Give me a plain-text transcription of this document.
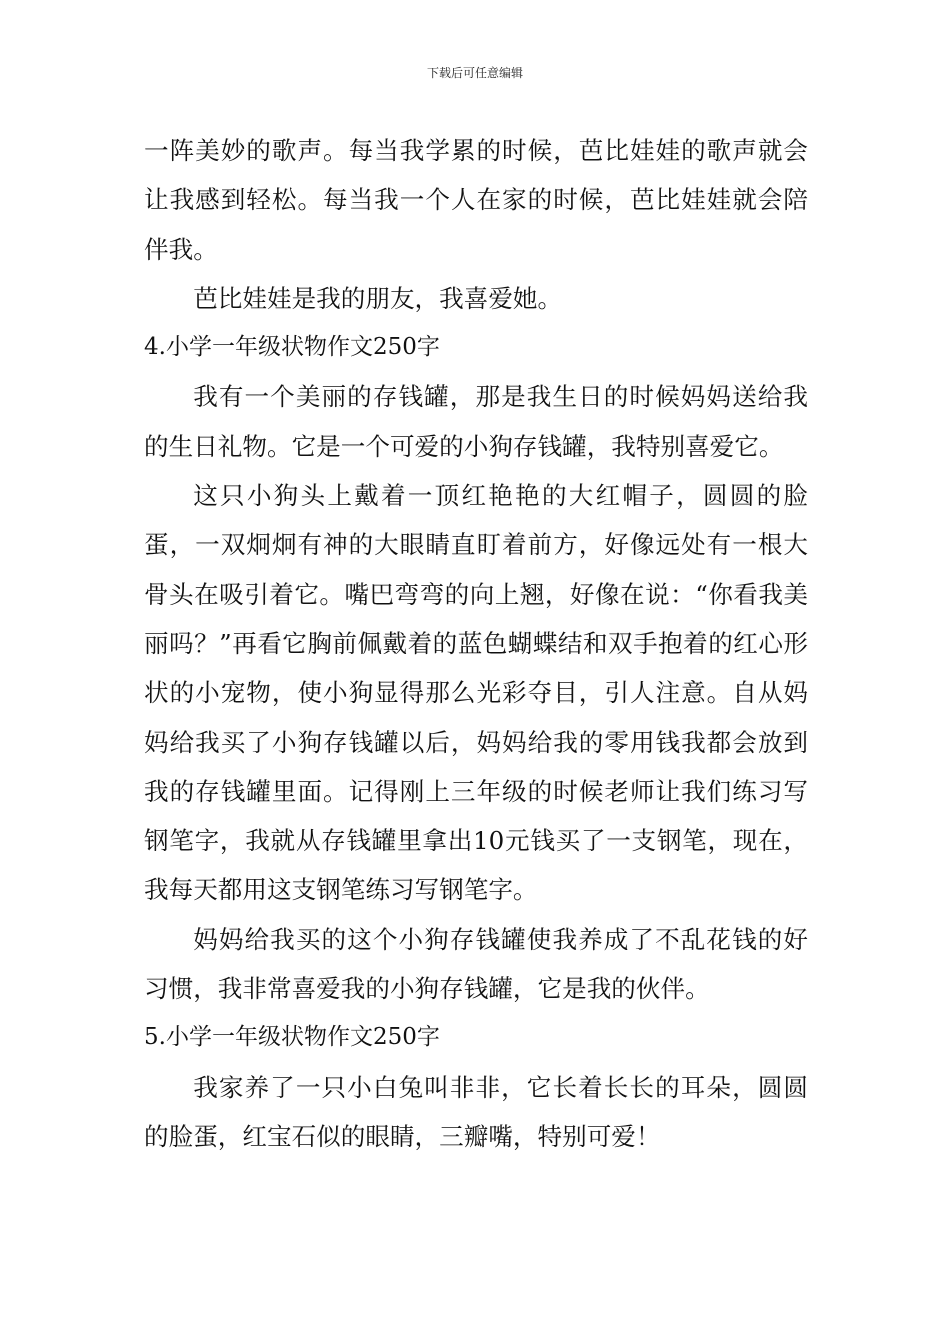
下载后可任意编辑

一阵美妙的歌声。每当我学累的时候，芭比娃娃的歌声就会让我感到轻松。每当我一个人在家的时候，芭比娃娃就会陪伴我。

芭比娃娃是我的朋友，我喜爱她。

4.小学一年级状物作文250字

我有一个美丽的存钱罐，那是我生日的时候妈妈送给我的生日礼物。它是一个可爱的小狗存钱罐，我特别喜爱它。

这只小狗头上戴着一顶红艳艳的大红帽子，圆圆的脸蛋，一双炯炯有神的大眼睛直盯着前方，好像远处有一根大骨头在吸引着它。嘴巴弯弯的向上翘，好像在说：“你看我美丽吗？”再看它胸前佩戴着的蓝色蝴蝶结和双手抱着的红心形状的小宠物，使小狗显得那么光彩夺目，引人注意。自从妈妈给我买了小狗存钱罐以后，妈妈给我的零用钱我都会放到我的存钱罐里面。记得刚上三年级的时候老师让我们练习写钢笔字，我就从存钱罐里拿出10元钱买了一支钢笔，现在，我每天都用这支钢笔练习写钢笔字。

妈妈给我买的这个小狗存钱罐使我养成了不乱花钱的好习惯，我非常喜爱我的小狗存钱罐，它是我的伙伴。

5.小学一年级状物作文250字

我家养了一只小白兔叫非非，它长着长长的耳朵，圆圆的脸蛋，红宝石似的眼睛，三瓣嘴，特别可爱！
